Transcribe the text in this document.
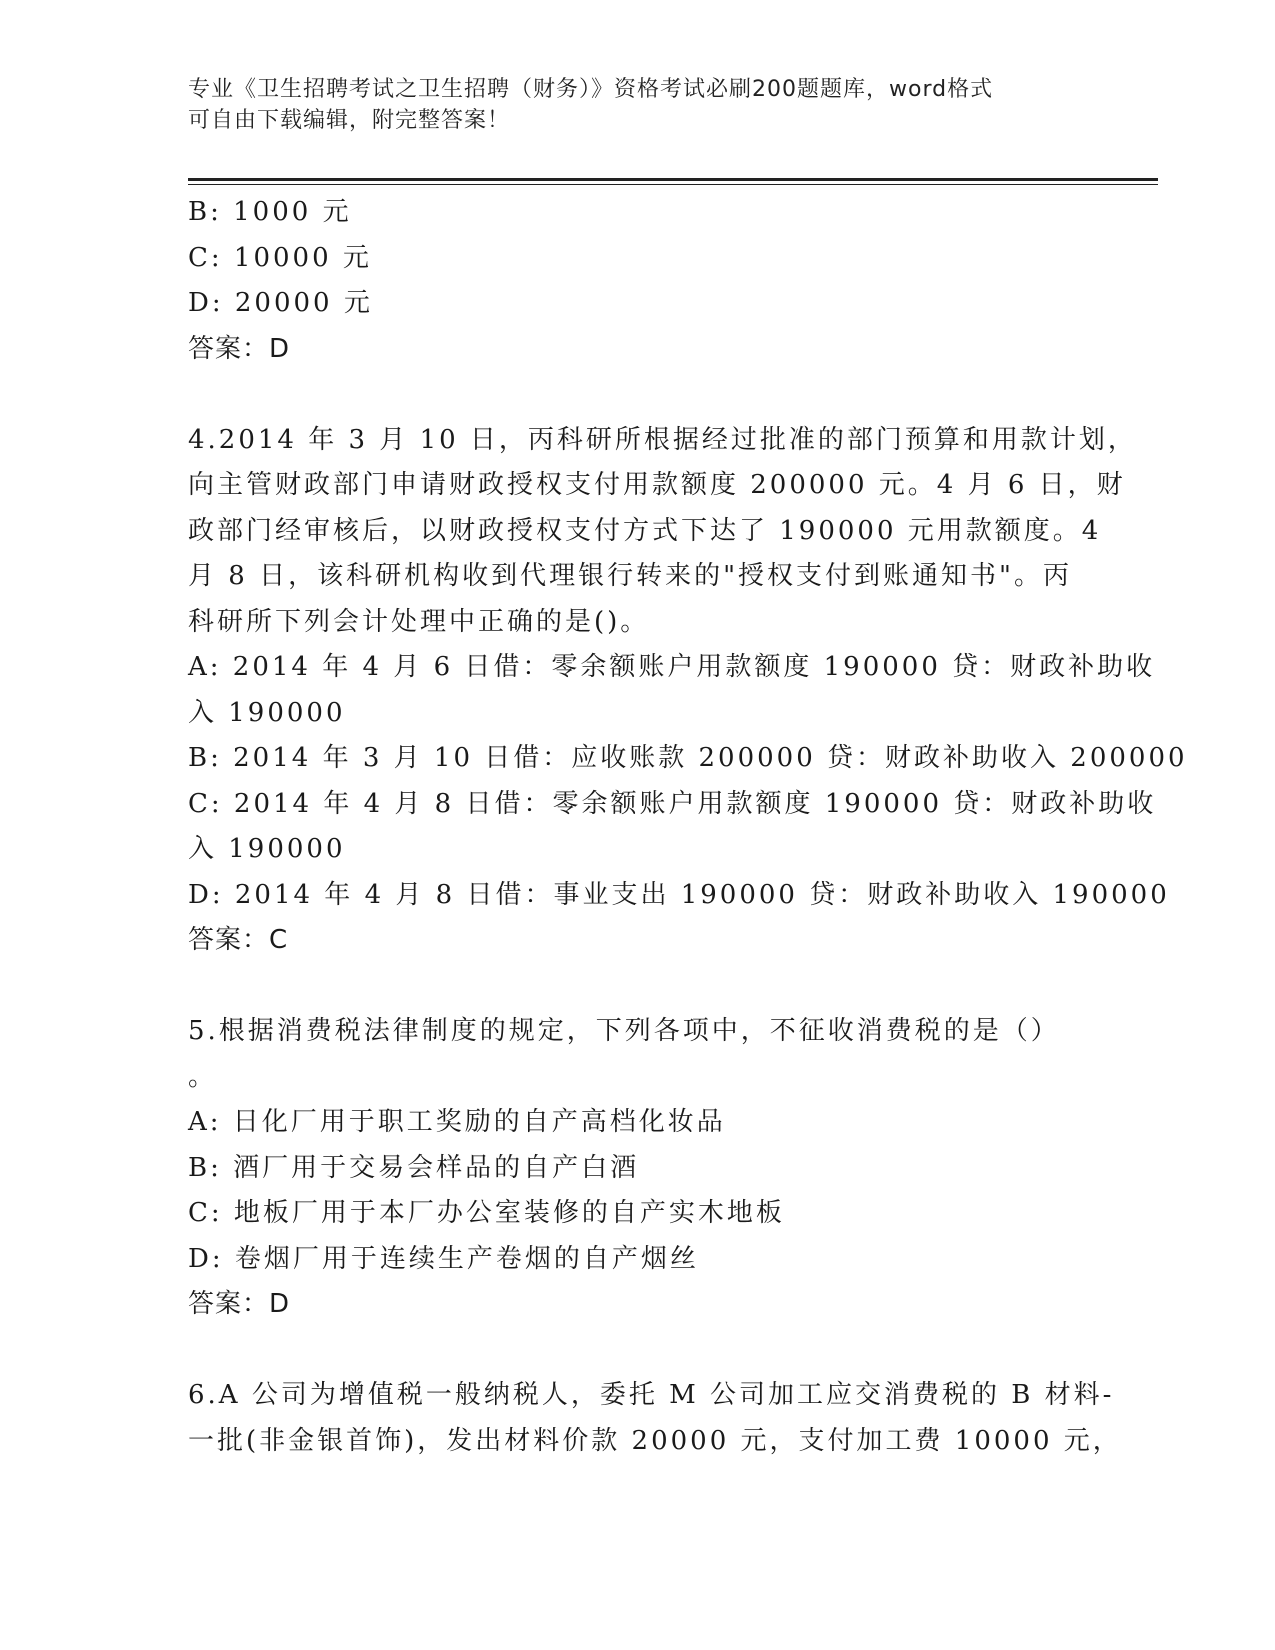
专业《卫生招聘考试之卫生招聘（财务）》资格考试必刷200题题库，word格式
可自由下载编辑，附完整答案！
B: 1000 元
C: 10000 元
D: 20000 元
答案：D
4.2014 年 3 月 10 日，丙科研所根据经过批准的部门预算和用款计划，
向主管财政部门申请财政授权支付用款额度 200000 元。4 月 6 日，财
政部门经审核后，以财政授权支付方式下达了 190000 元用款额度。4
月 8 日，该科研机构收到代理银行转来的"授权支付到账通知书"。丙
科研所下列会计处理中正确的是()。
A: 2014 年 4 月 6 日借：零余额账户用款额度 190000 贷：财政补助收
入 190000
B: 2014 年 3 月 10 日借：应收账款 200000 贷：财政补助收入 200000
C: 2014 年 4 月 8 日借：零余额账户用款额度 190000 贷：财政补助收
入 190000
D: 2014 年 4 月 8 日借：事业支出 190000 贷：财政补助收入 190000
答案：C
5.根据消费税法律制度的规定，下列各项中，不征收消费税的是（）
。
A: 日化厂用于职工奖励的自产高档化妆品
B: 酒厂用于交易会样品的自产白酒
C: 地板厂用于本厂办公室装修的自产实木地板
D: 卷烟厂用于连续生产卷烟的自产烟丝
答案：D
6.A 公司为增值税一般纳税人，委托 M 公司加工应交消费税的 B 材料-
一批(非金银首饰)，发出材料价款 20000 元，支付加工费 10000 元，
